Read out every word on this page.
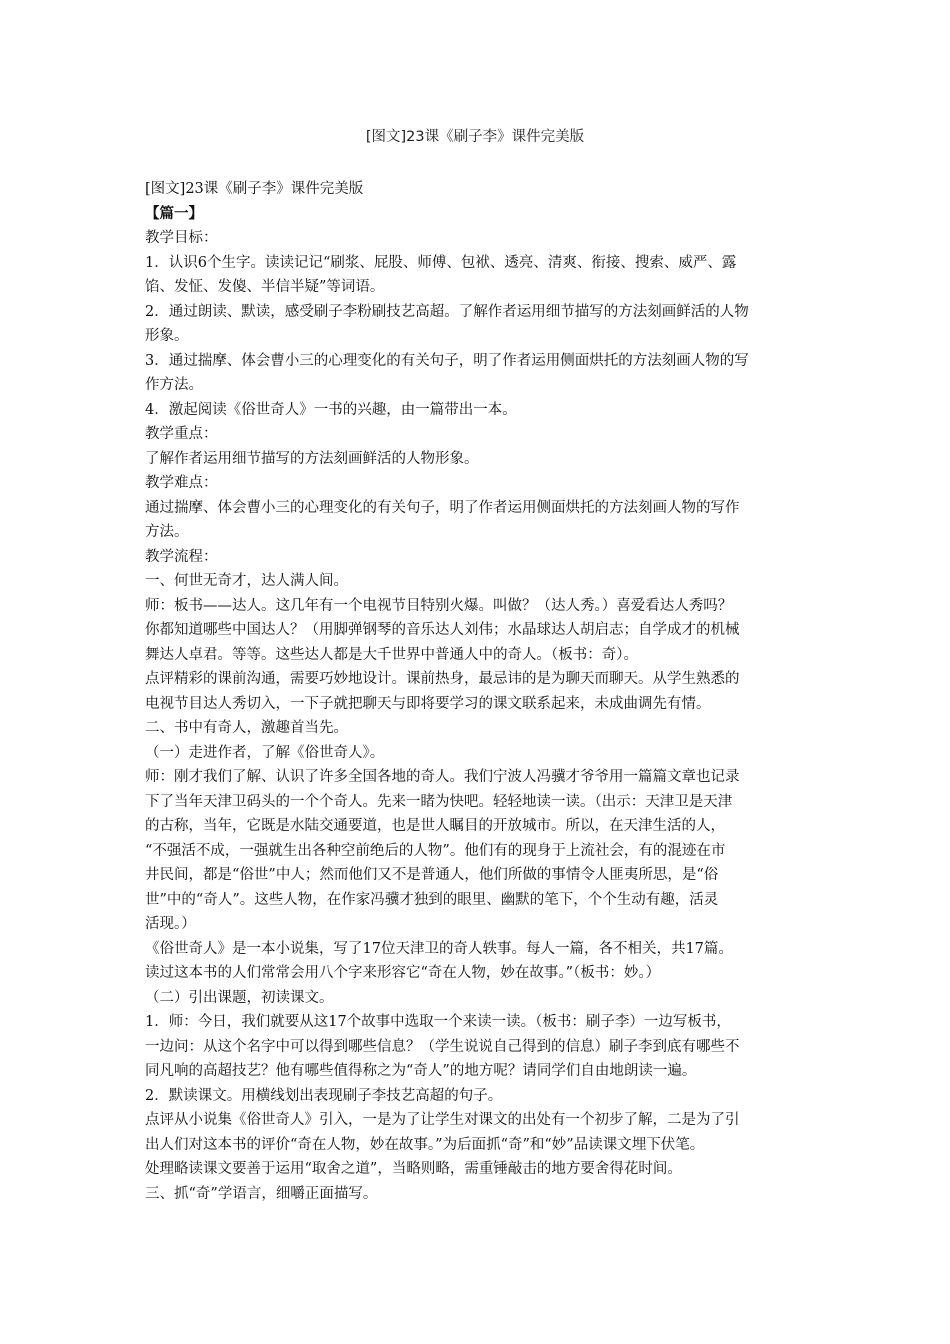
[图文]23课《刷子李》课件完美版
[图文]23课《刷子李》课件完美版
【篇一】
教学目标：
1．认识6个生字。读读记记“刷浆、屁股、师傅、包袱、透亮、清爽、衔接、搜索、威严、露
馅、发怔、发傻、半信半疑”等词语。
2．通过朗读、默读，感受刷子李粉刷技艺高超。了解作者运用细节描写的方法刻画鲜活的人物
形象。
3．通过揣摩、体会曹小三的心理变化的有关句子，明了作者运用侧面烘托的方法刻画人物的写
作方法。
4．激起阅读《俗世奇人》一书的兴趣，由一篇带出一本。
教学重点：
了解作者运用细节描写的方法刻画鲜活的人物形象。
教学难点：
通过揣摩、体会曹小三的心理变化的有关句子，明了作者运用侧面烘托的方法刻画人物的写作
方法。
教学流程：
一、何世无奇才，达人满人间。
师：板书——达人。这几年有一个电视节目特别火爆。叫做？（达人秀。）喜爱看达人秀吗？
你都知道哪些中国达人？（用脚弹钢琴的音乐达人刘伟；水晶球达人胡启志；自学成才的机械
舞达人卓君。等等。这些达人都是大千世界中普通人中的奇人。（板书：奇）。
点评精彩的课前沟通，需要巧妙地设计。课前热身，最忌讳的是为聊天而聊天。从学生熟悉的
电视节目达人秀切入，一下子就把聊天与即将要学习的课文联系起来，未成曲调先有情。
二、书中有奇人，激趣首当先。
（一）走进作者，了解《俗世奇人》。
师：刚才我们了解、认识了许多全国各地的奇人。我们宁波人冯骥才爷爷用一篇篇文章也记录
下了当年天津卫码头的一个个奇人。先来一睹为快吧。轻轻地读一读。（出示：天津卫是天津
的古称，当年，它既是水陆交通要道，也是世人瞩目的开放城市。所以，在天津生活的人，
“不强活不成，一强就生出各种空前绝后的人物”。他们有的现身于上流社会，有的混迹在市
井民间，都是“俗世”中人；然而他们又不是普通人，他们所做的事情令人匪夷所思，是“俗
世”中的“奇人”。这些人物，在作家冯骥才独到的眼里、幽默的笔下，个个生动有趣，活灵
活现。）
《俗世奇人》是一本小说集，写了17位天津卫的奇人轶事。每人一篇，各不相关，共17篇。
读过这本书的人们常常会用八个字来形容它“奇在人物，妙在故事。”（板书：妙。）
（二）引出课题，初读课文。
1．师：今日，我们就要从这17个故事中选取一个来读一读。（板书：刷子李）一边写板书，
一边问：从这个名字中可以得到哪些信息？（学生说说自己得到的信息）刷子李到底有哪些不
同凡响的高超技艺？他有哪些值得称之为“奇人”的地方呢？请同学们自由地朗读一遍。
2．默读课文。用横线划出表现刷子李技艺高超的句子。
点评从小说集《俗世奇人》引入，一是为了让学生对课文的出处有一个初步了解，二是为了引
出人们对这本书的评价“奇在人物，妙在故事。”为后面抓“奇”和“妙”品读课文埋下伏笔。
处理略读课文要善于运用“取舍之道”，当略则略，需重锤敲击的地方要舍得花时间。
三、抓“奇”学语言，细嚼正面描写。
